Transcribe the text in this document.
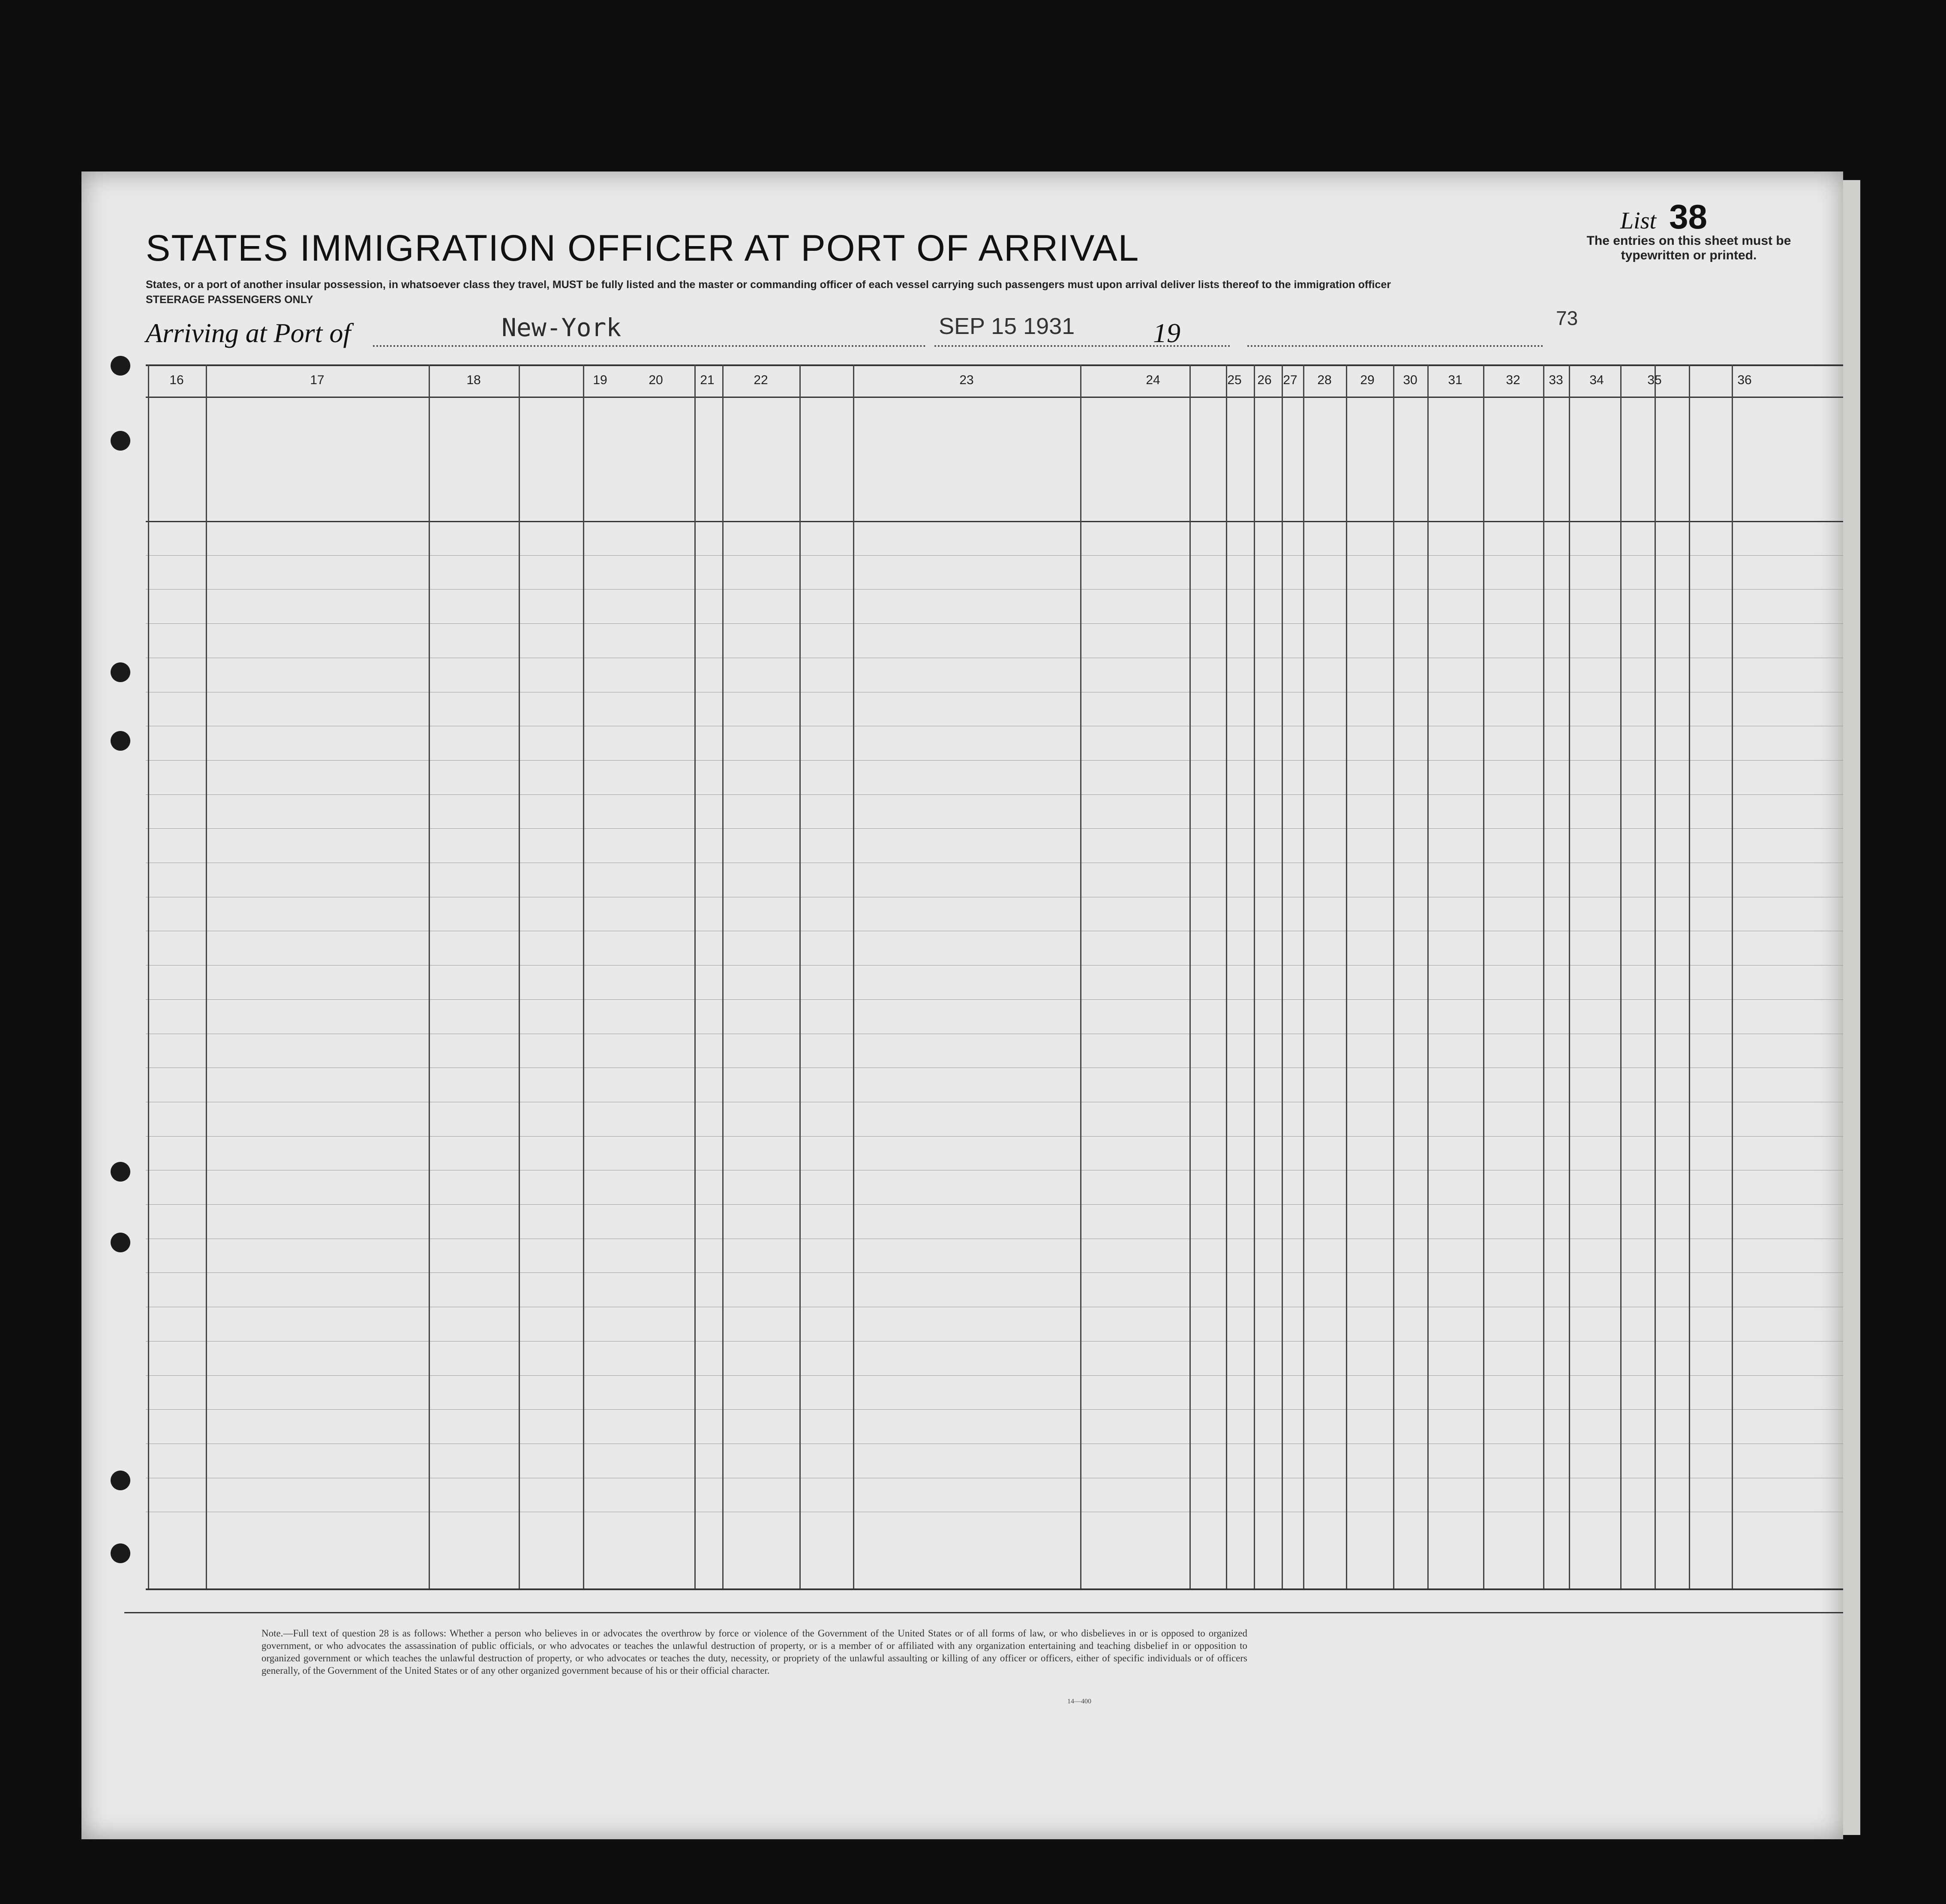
STATES IMMIGRATION OFFICER AT PORT OF ARRIVAL
List 38
The entries on this sheet must be typewritten or printed.
States, or a port of another insular possession, in whatsoever class they travel, MUST be fully listed and the master or commanding officer of each vessel carrying such passengers must upon arrival deliver lists thereof to the immigration officer
STEERAGE PASSENGERS ONLY
Arriving at Port of	New-York	SEP 15 1931	19	73
16	17	18	19	20	21	22	23	24	25 26 27 28 29 30 31	32 33 34	35	36
Note.—Full text of question 28 is as follows: Whether a person who believes in or advocates the overthrow by force or violence of the Government of the United States or of all forms of law, or who disbelieves in or is opposed to organized government, or who advocates the assassination of public officials, or who advocates or teaches the unlawful destruction of property, or is a member of or affiliated with any organization entertaining and teaching disbelief in or opposition to organized government or which teaches the unlawful destruction of property, or who advocates or teaches the duty, necessity, or propriety of the unlawful assaulting or killing of any officer or officers, either of specific individuals or of officers generally, of the Government of the United States or of any other organized government because of his or their official character.
14—400
